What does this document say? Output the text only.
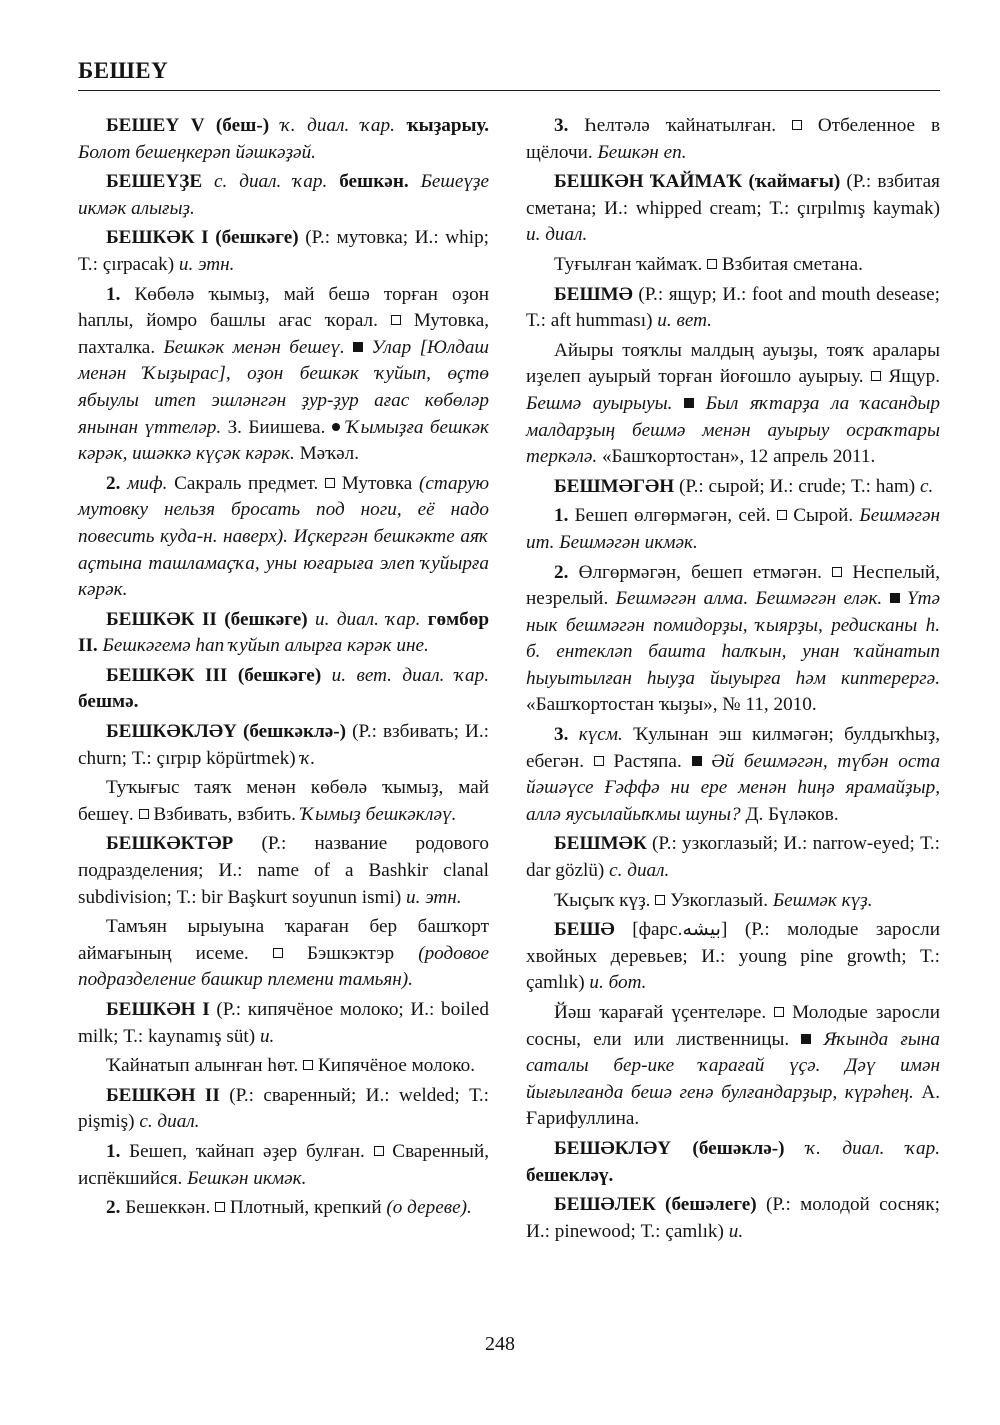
БЕШЕҮ

БЕШЕҮ V (беш-) ҡ. диал. ҡар. ҡыҙарыу. Болот бешеңкерәп йәшкәҙәй.

БЕШЕҮҘЕ с. диал. ҡар. бешкән. Бешеүҙе икмәк алығыҙ.

БЕШКӘК I (бешкәге) (Р.: мутовка; И.: whip; Т.: çırpacak) и. этн.

1. Көбөлә ҡымыҙ, май бешә торған оҙон һаплы, йомро башлы ағас ҡорал. Мутовка, пахталка. Бешкәк менән бешеү. Улар [Юлдаш менән Ҡыҙырас], оҙон бешкәк ҡуйып, өҫтө ябыулы итеп эшләнгән ҙур-ҙур ағас көбөләр янынан үттеләр. З. Биишева. Ҡымыҙға бешкәк кәрәк, ишәккә күҫәк кәрәк. Мәҡәл.

2. миф. Сакраль предмет. Мутовка (старую мутовку нельзя бросать под ноги, её надо повесить куда-н. наверх). Иҫкергән бешкәкте аяҡ аҫтына ташламаҫҡа, уны юғарыға элеп ҡуйырға кәрәк.

БЕШКӘК II (бешкәге) и. диал. ҡар. гөмбөр II. Бешкәгемә һап ҡуйып алырға кәрәк ине.

БЕШКӘК III (бешкәге) и. вет. диал. ҡар. бешмә.

БЕШКӘКЛӘҮ (бешкәклә-) (Р.: взбивать; И.: churn; Т.: çırpıp köpürtmek) ҡ.

Туҡығыс таяҡ менән көбөлә ҡымыҙ, май бешеү. Взбивать, взбить. Ҡымыҙ бешкәкләү.

БЕШКӘКТӘР (Р.: название родового подразделения; И.: name of a Bashkir clanal subdivision; Т.: bir Başkurt soyunun ismi) и. этн.

Тамъян ырыуына ҡараған бер башҡорт аймағының исеме.	Бэшкэктэр (родовое подразделение башкир племени тамьян).

БЕШКӘН I (Р.: кипячёное молоко; И.: boiled milk; Т.: kaynamış süt) и.

Ҡайнатып алынған һөт. Кипячёное молоко.

БЕШКӘН II (Р.: сваренный; И.: welded; Т.: pişmiş) с. диал.

1. Бешеп, ҡайнап әҙер булған. Сваренный, испёкшийся. Бешкән икмәк.

2. Бешеккән. Плотный, крепкий (о дереве).

3. Һелтәлә ҡайнатылған. Отбеленное в щёлочи. Бешкән еп.

БЕШКӘН ҠАЙМАҠ (ҡаймағы) (Р.: взбитая сметана; И.: whipped cream; Т.: çırpılmış kaymak) и. диал.

Туғылған ҡаймаҡ. Взбитая сметана.

БЕШМӘ (Р.: ящур; И.: foot and mouth desease; Т.: aft humması) и. вет.

Айыры тояҡлы малдың ауыҙы, тояҡ аралары иҙелеп ауырый торған йоғошло ауырыу. Ящур. Бешмә ауырыуы. Был яҡтарҙа ла ҡасандыр малдарҙың бешмә менән ауырыу осраҡтары теркәлә. «Башҡортостан», 12 апрель 2011.

БЕШМӘГӘН (Р.: сырой; И.: crude; Т.: ham) с.

1. Бешеп өлгөрмәгән, сей. Сырой. Бешмәгән ит. Бешмәгән икмәк.

2. Өлгөрмәгән, бешеп етмәгән. Неспелый, незрелый. Бешмәгән алма. Бешмәгән еләк. Үтә нык бешмәгән помидорҙы, ҡыярҙы, редисканы һ. б. ентекләп башта һалҡын, унан ҡайнатып һыуытылған һыуҙа йыуырға һәм киптерергә. «Башҡортостан ҡыҙы», № 11, 2010.

3. күсм. Ҡулынан эш килмәгән; булдыҡһыҙ, ебегән. Растяпа. Әй бешмәгән, түбән оста йәшәүсе Ғәффә ни ере менән һиңә ярамайҙыр, аллә яусылайыҡмы шуны? Д. Бүләков.

БЕШМӘК (Р.: узкоглазый; И.: narrow-eyed; Т.: dar gözlü) с. диал.

Ҡыҫыҡ күҙ. Узкоглазый. Бешмәк күҙ.

БЕШӘ [фарс.بيشه] (Р.: молодые заросли хвойных деревьев; И.: young pine growth; Т.: çamlık) и. бот.

Йәш ҡарағай үҫентеләре. Молодые заросли сосны, ели или лиственницы. Яҡында ғына саталы бер-ике ҡарағай үҫә. Дәү имән йығылғанда бешә генә булғандарҙыр, күрәһең. А. Ғарифуллина.

БЕШӘКЛӘҮ (бешәклә-) ҡ. диал. ҡар. бешекләү.

БЕШӘЛЕК (бешәлеге) (Р.: молодой сосняк; И.: pinewood; Т.: çamlık) и.

248
